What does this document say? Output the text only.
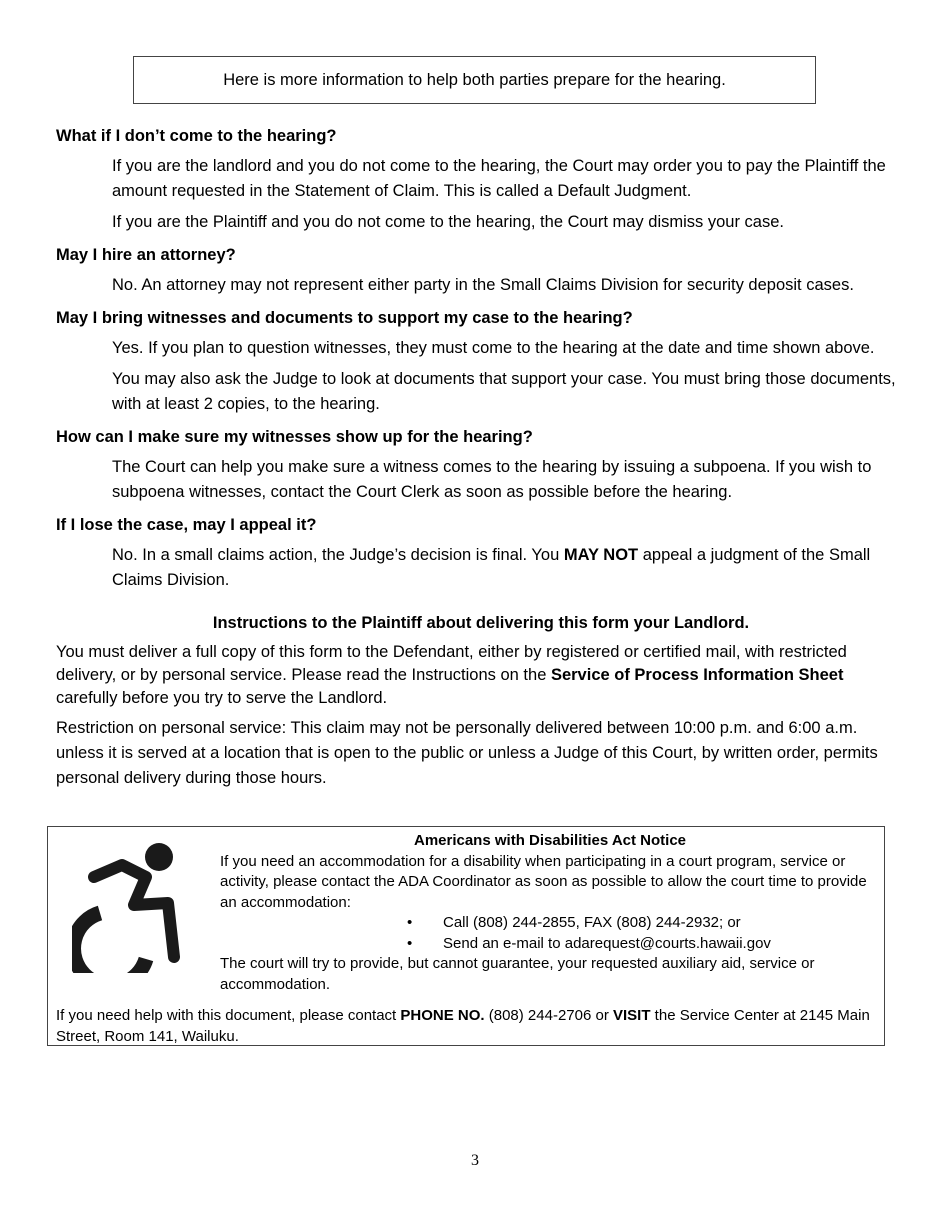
Here is more information to help both parties prepare for the hearing.

What if I don’t come to the hearing?

If you are the landlord and you do not come to the hearing, the Court may order you to pay the Plaintiff the amount requested in the Statement of Claim. This is called a Default Judgment.

If you are the Plaintiff and you do not come to the hearing, the Court may dismiss your case.

May I hire an attorney?

No. An attorney may not represent either party in the Small Claims Division for security deposit cases.

May I bring witnesses and documents to support my case to the hearing?

Yes. If you plan to question witnesses, they must come to the hearing at the date and time shown above.

You may also ask the Judge to look at documents that support your case. You must bring those documents, with at least 2 copies, to the hearing.

How can I make sure my witnesses show up for the hearing?

The Court can help you make sure a witness comes to the hearing by issuing a subpoena. If you wish to subpoena witnesses, contact the Court Clerk as soon as possible before the hearing.

If I lose the case, may I appeal it?

No. In a small claims action, the Judge’s decision is final. You MAY NOT appeal a judgment of the Small Claims Division.

Instructions to the Plaintiff about delivering this form your Landlord.

You must deliver a full copy of this form to the Defendant, either by registered or certified mail, with restricted delivery, or by personal service. Please read the Instructions on the Service of Process Information Sheet carefully before you try to serve the Landlord.

Restriction on personal service: This claim may not be personally delivered between 10:00 p.m. and 6:00 a.m. unless it is served at a location that is open to the public or unless a Judge of this Court, by written order, permits personal delivery during those hours.

Americans with Disabilities Act Notice

If you need an accommodation for a disability when participating in a court program, service or activity, please contact the ADA Coordinator as soon as possible to allow the court time to provide an accommodation:

• Call (808) 244-2855, FAX (808) 244-2932; or
• Send an e-mail to adarequest@courts.hawaii.gov

The court will try to provide, but cannot guarantee, your requested auxiliary aid, service or accommodation.

If you need help with this document, please contact PHONE NO. (808) 244-2706 or VISIT the Service Center at 2145 Main Street, Room 141, Wailuku.

3
